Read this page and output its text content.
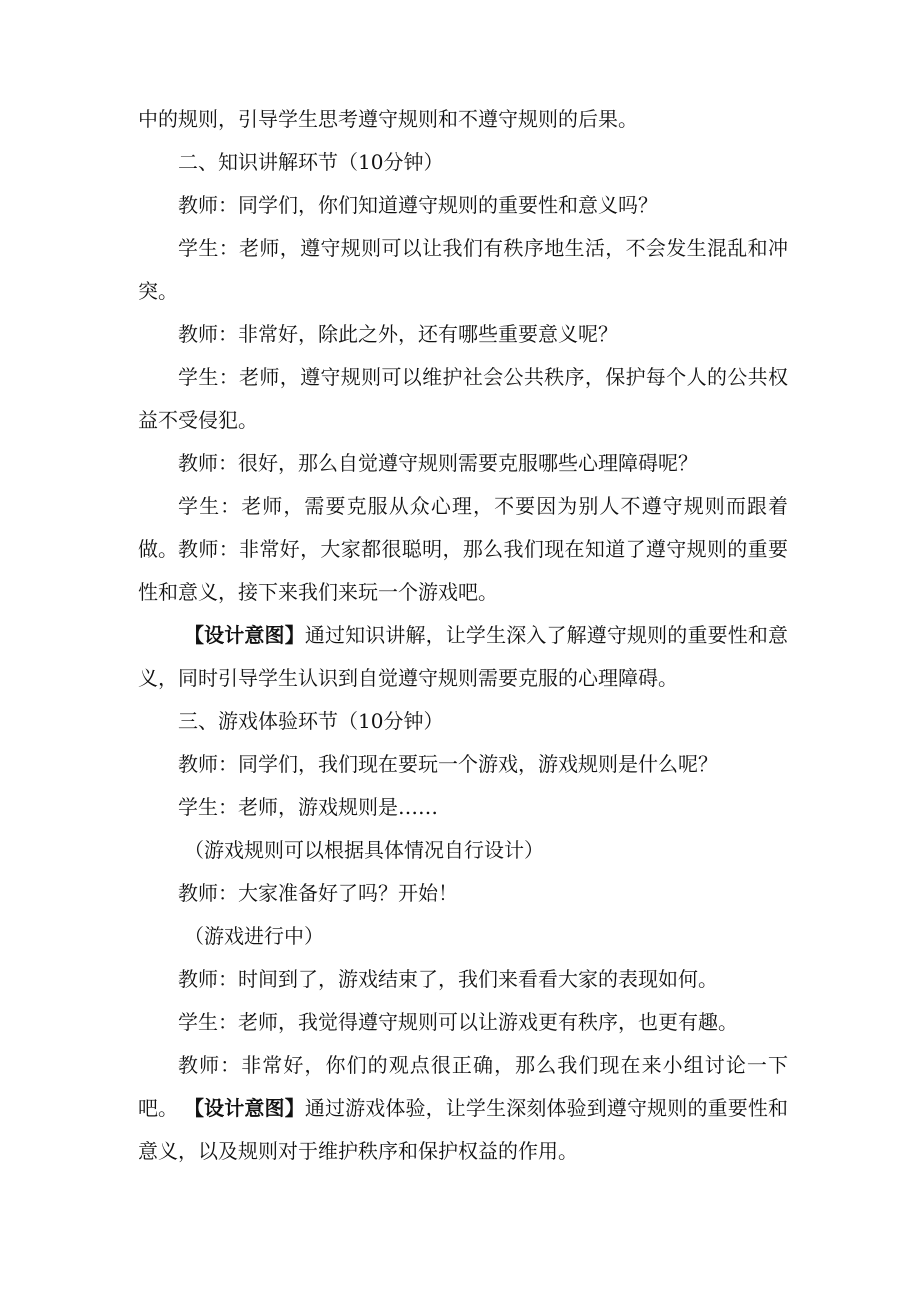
中的规则，引导学生思考遵守规则和不遵守规则的后果。

二、知识讲解环节（10分钟）

教师：同学们，你们知道遵守规则的重要性和意义吗？

学生：老师，遵守规则可以让我们有秩序地生活，不会发生混乱和冲突。

教师：非常好，除此之外，还有哪些重要意义呢？

学生：老师，遵守规则可以维护社会公共秩序，保护每个人的公共权益不受侵犯。

教师：很好，那么自觉遵守规则需要克服哪些心理障碍呢？

学生：老师，需要克服从众心理，不要因为别人不遵守规则而跟着做。 教师：非常好，大家都很聪明，那么我们现在知道了遵守规则的重要性和意义，接下来我们来玩一个游戏吧。

【设计意图】通过知识讲解，让学生深入了解遵守规则的重要性和意义，同时引导学生认识到自觉遵守规则需要克服的心理障碍。

三、游戏体验环节（10分钟）

教师：同学们，我们现在要玩一个游戏，游戏规则是什么呢？

学生：老师，游戏规则是……

（游戏规则可以根据具体情况自行设计）

教师：大家准备好了吗？开始！

（游戏进行中）

教师：时间到了，游戏结束了，我们来看看大家的表现如何。

学生：老师，我觉得遵守规则可以让游戏更有秩序，也更有趣。

教师：非常好，你们的观点很正确，那么我们现在来小组讨论一下吧。 【设计意图】通过游戏体验，让学生深刻体验到遵守规则的重要性和意义，以及规则对于维护秩序和保护权益的作用。
